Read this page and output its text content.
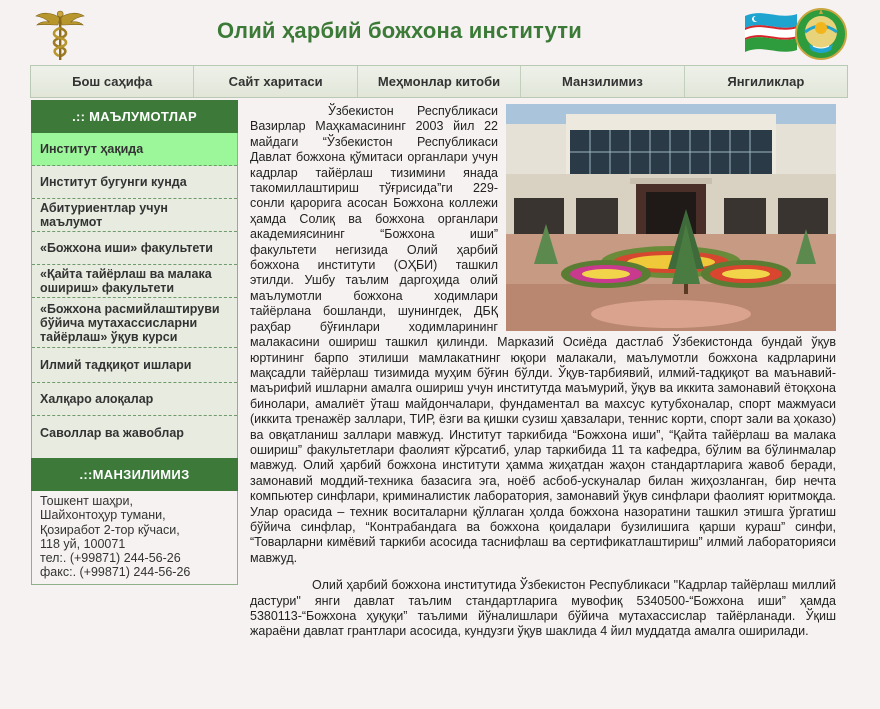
Олий ҳарбий божхона институти
Бош саҳифа	Сайт харитаси	Меҳмонлар китоби	Манзилимиз	Янгиликлар
.:: МАЪЛУМОТЛАР
Институт ҳақида
Институт бугунги кунда
Абитуриентлар учун маълумот
«Божхона иши» факультети
«Қайта тайёрлаш ва малака ошириш» факультети
«Божхона расмийлаштируви бўйича мутахассисларни тайёрлаш» ўқув курси
Илмий тадқиқот ишлари
Халқаро алоқалар
Саволлар ва жавоблар
.::МАНЗИЛИМИЗ
Тошкент шаҳри,
Шайхонтоҳур тумани,
Қозиработ 2-тор кўчаси,
118 уй, 100071
тел:. (+99871) 244-56-26
факс:. (+99871) 244-56-26

Ўзбекистон Республикаси Вазирлар Маҳкамасининг 2003 йил 22 майдаги “Ўзбекистон Республикаси Давлат божхона қўмитаси органлари учун кадрлар тайёрлаш тизимини янада такомиллаштириш тўғрисида”ги 229-сонли қарорига асосан Божхона коллежи ҳамда Солиқ ва божхона органлари академиясининг “Божхона иши” факультети негизида Олий ҳарбий божхона институти (ОҲБИ) ташкил этилди. Ушбу таълим даргоҳида олий маълумотли божхона ходимлари тайёрлана бошланди, шунингдек, ДБҚ раҳбар бўғинлари ходимларининг малакасини ошириш ташкил қилинди. Марказий Осиёда дастлаб Ўзбекистонда бундай ўқув юртининг барпо этилиши мамлакатнинг юқори малакали, маълумотли божхона кадрларини мақсадли тайёрлаш тизимида муҳим бўғин бўлди. Ўқув-тарбиявий, илмий-тадқиқот ва маънавий-маърифий ишларни амалга ошириш учун институтда маъмурий, ўқув ва иккита замонавий ётоқхона бинолари, амалиёт ўташ майдончалари, фундаментал ва махсус кутубхоналар, спорт мажмуаси (иккита тренажёр заллари, ТИР, ёзги ва қишки сузиш ҳавзалари, теннис корти, спорт зали ва ҳоказо) ва овқатланиш заллари мавжуд. Институт таркибида “Божхона иши”, “Қайта тайёрлаш ва малака ошириш” факультетлари фаолият кўрсатиб, улар таркибида 11 та кафедра, бўлим ва бўлинмалар мавжуд. Олий ҳарбий божхона институти ҳамма жиҳатдан жаҳон стандартларига жавоб беради, замонавий моддий-техника базасига эга, ноёб асбоб-ускуналар билан жиҳозланган, бир нечта компьютер синфлари, криминалистик лаборатория, замонавий ўқув синфлари фаолият юритмоқда. Улар орасида – техник воситаларни қўллаган ҳолда божхона назоратини ташкил этишга ўргатиш бўйича синфлар, “Контрабандага ва божхона қоидалари бузилишига қарши кураш” синфи, “Товарларни кимёвий таркиби асосида таснифлаш ва сертификатлаштириш” илмий лабораторияси мавжуд.

Олий ҳарбий божхона институтида Ўзбекистон Республикаси "Кадрлар тайёрлаш миллий дастури" янги давлат таълим стандартларига мувофиқ 5340500-“Божхона иши” ҳамда 5380113-“Божхона ҳуқуқи” таълими йўналишлари бўйича мутахассислар тайёрланади. Ўқиш жараёни давлат грантлари асосида, кундузги ўқув шаклида 4 йил муддатда амалга оширилади.
